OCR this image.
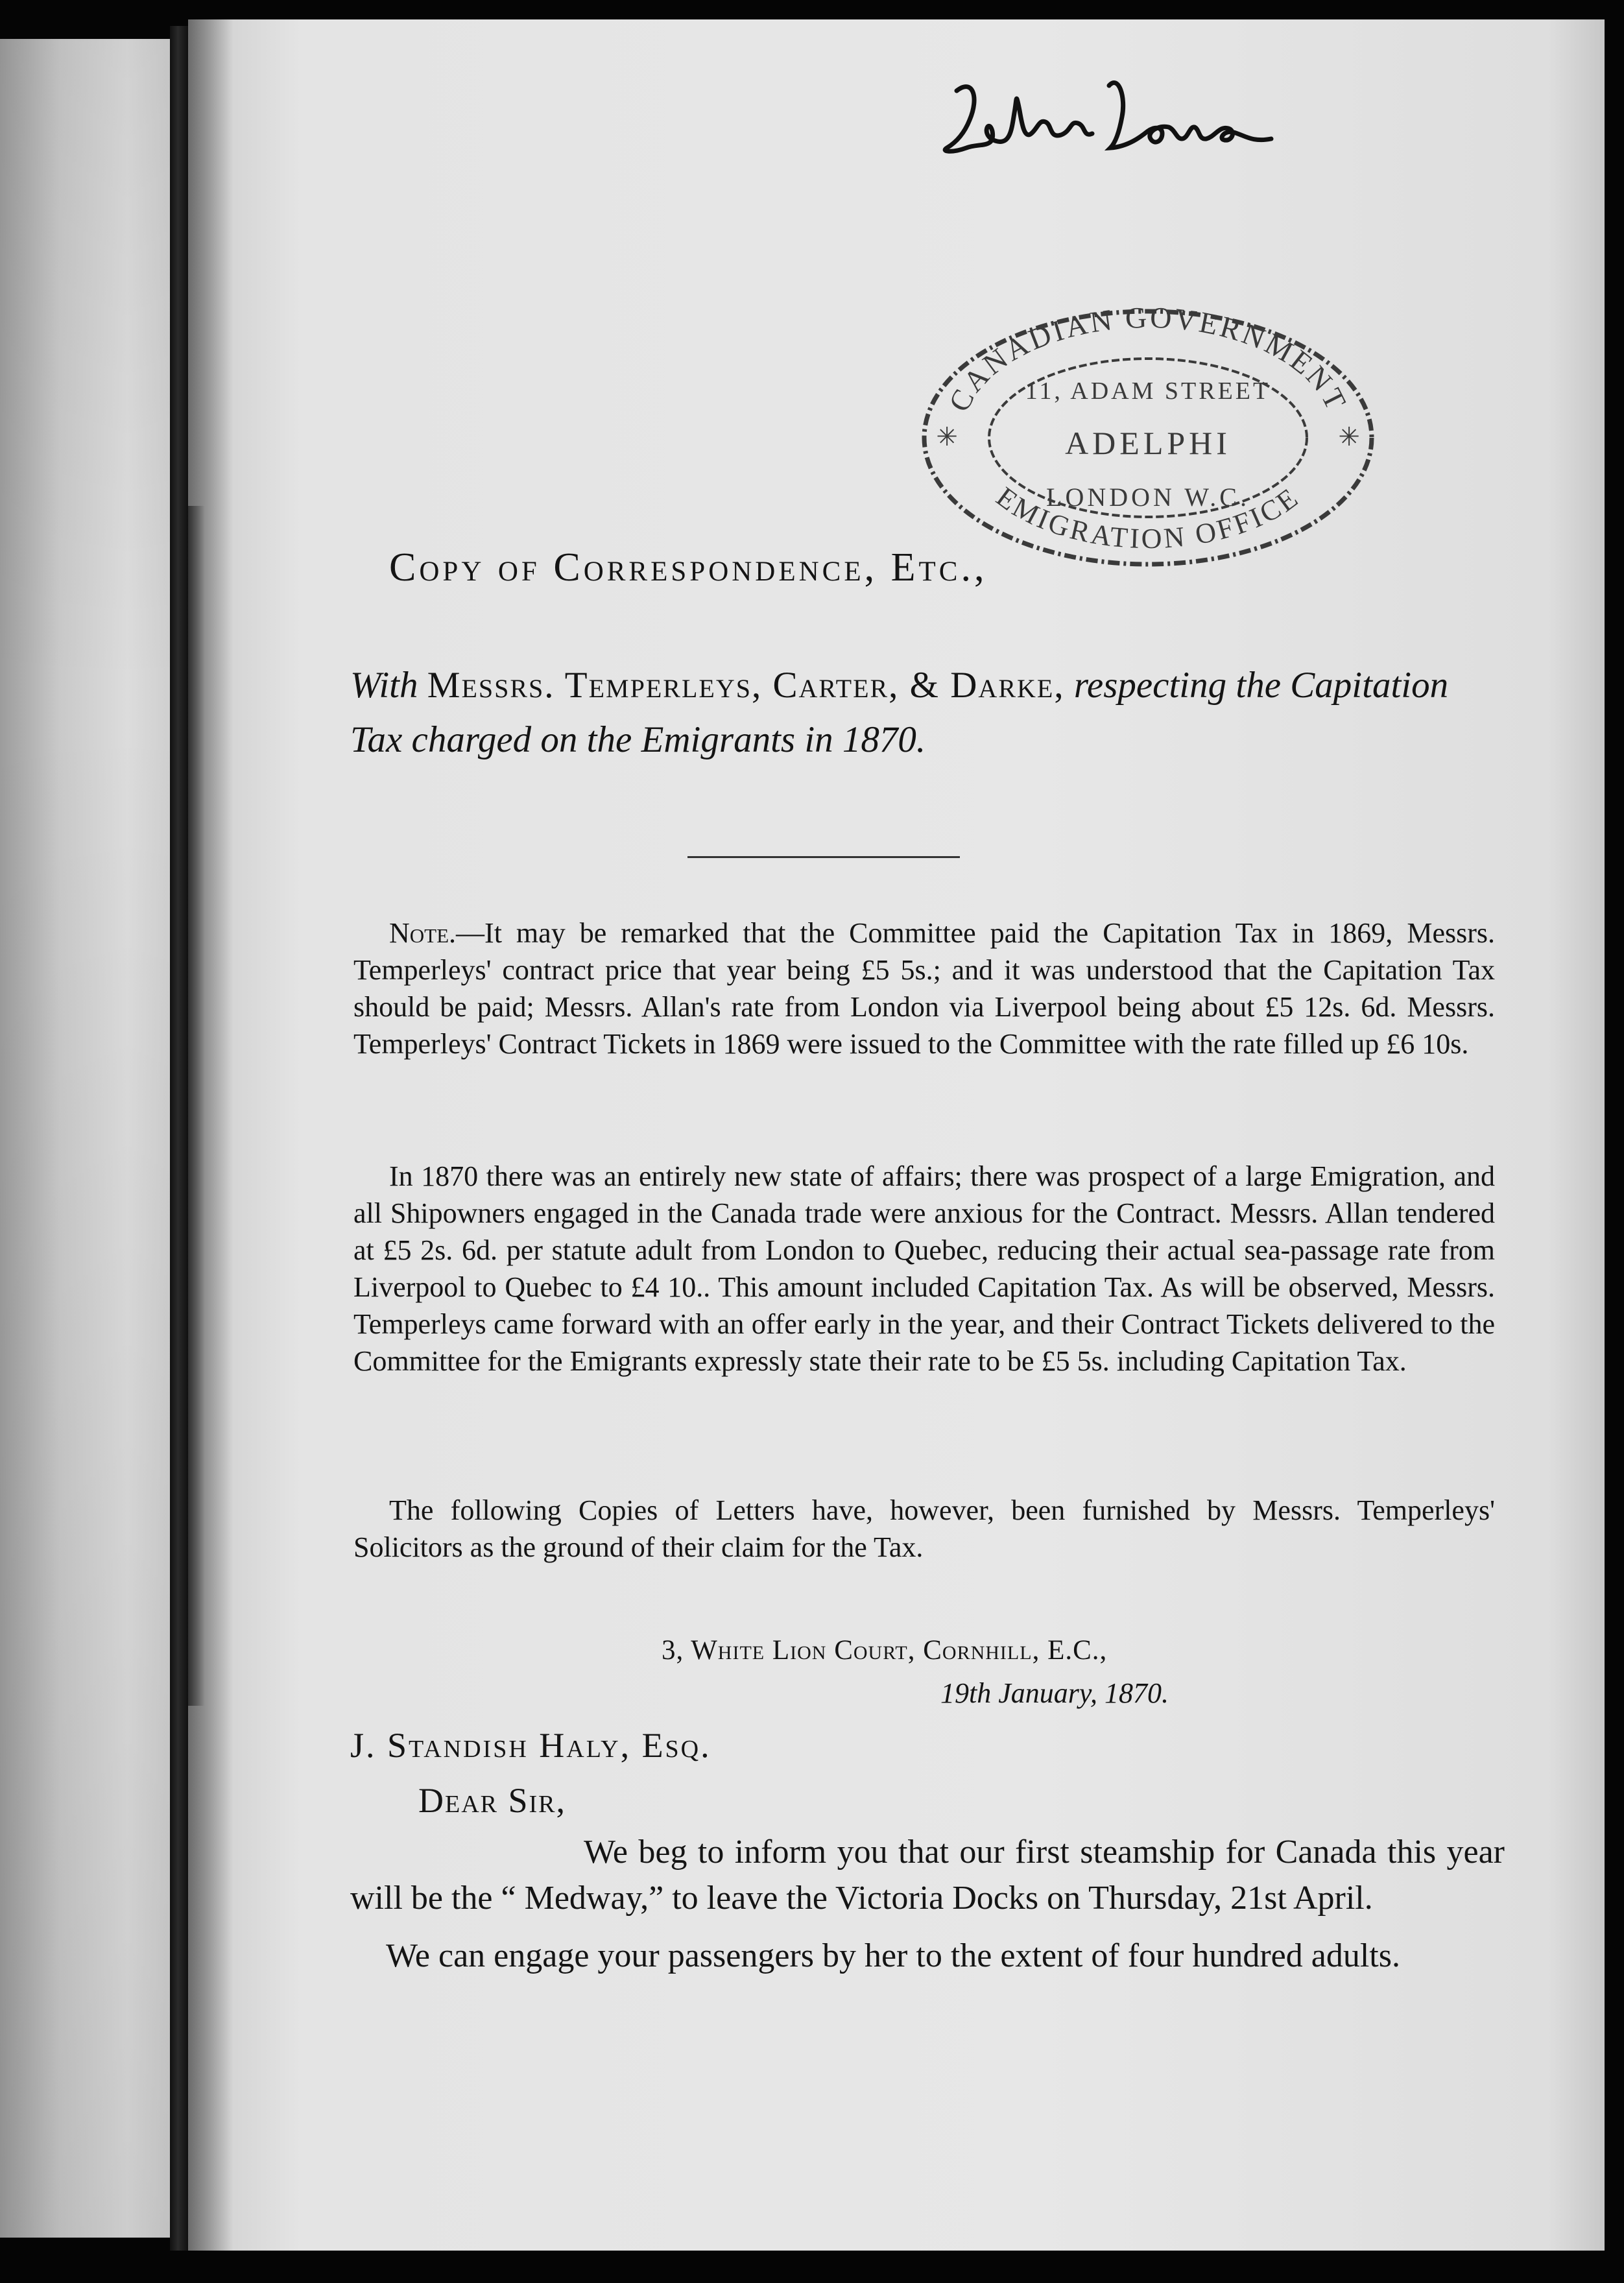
CANADIAN GOVERNMENT
EMIGRATION OFFICE
11, ADAM STREET
ADELPHI
LONDON W.C.
✳	✳

Copy of Correspondence, Etc.,

With Messrs. Temperleys, Carter, & Darke, respecting the Capitation Tax charged on the Emigrants in 1870.

Note.—It may be remarked that the Committee paid the Capitation Tax in 1869, Messrs. Temperleys' contract price that year being £5 5s.; and it was understood that the Capitation Tax should be paid; Messrs. Allan's rate from London via Liverpool being about £5 12s. 6d. Messrs. Temperleys' Contract Tickets in 1869 were issued to the Committee with the rate filled up £6 10s.

In 1870 there was an entirely new state of affairs; there was prospect of a large Emigration, and all Shipowners engaged in the Canada trade were anxious for the Contract. Messrs. Allan tendered at £5 2s. 6d. per statute adult from London to Quebec, reducing their actual sea-passage rate from Liverpool to Quebec to £4 10.. This amount included Capitation Tax. As will be observed, Messrs. Temperleys came forward with an offer early in the year, and their Contract Tickets delivered to the Committee for the Emigrants expressly state their rate to be £5 5s. including Capitation Tax.

The following Copies of Letters have, however, been furnished by Messrs. Temperleys' Solicitors as the ground of their claim for the Tax.

3, White Lion Court, Cornhill, E.C.,

19th January, 1870.

J. Standish Haly, Esq.

Dear Sir,

We beg to inform you that our first steamship for Canada this year will be the “ Medway,” to leave the Victoria Docks on Thursday, 21st April.

We can engage your passengers by her to the extent of four hundred adults.
